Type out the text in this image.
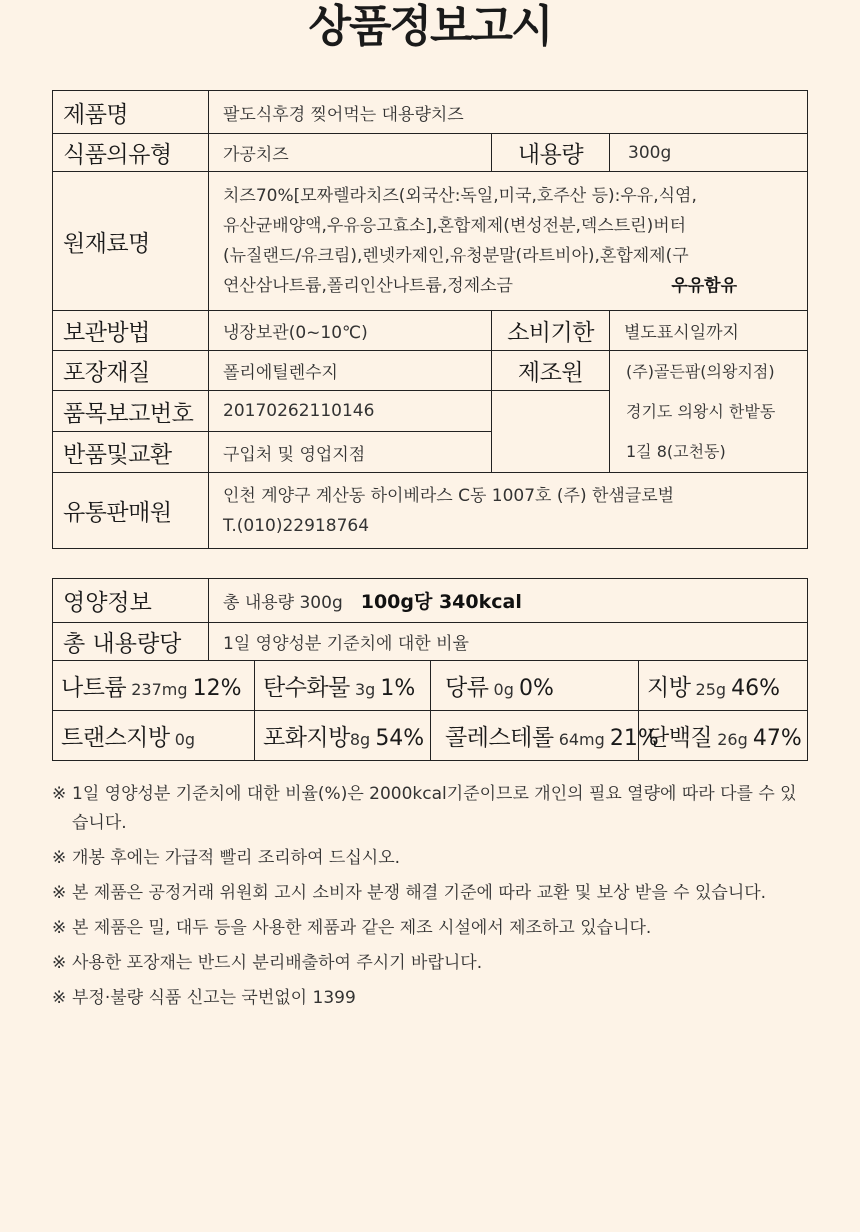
상품정보고시
제품명	팔도식후경 찢어먹는 대용량치즈		
식품의유형	가공치즈	내용량	300g
원재료명	치즈70%[모짜렐라치즈(외국산:독일,미국,호주산 등):우유,식염,
유산균배양액,우유응고효소],혼합제제(변성전분,덱스트린)버터
(뉴질랜드/유크림),렌넷카제인,유청분말(라트비아),혼합제제(구
연산삼나트륨,폴리인산나트륨,정제소금 우유함유		

보관방법	냉장보관(0~10℃)	소비기한	별도표시일까지
포장재질	폴리에틸렌수지	제조원	(주)골든팜(의왕지점)
경기도 의왕시 한밭동
1길 8(고천동)

품목보고번호	20170262110146		
반품및교환	구입처 및 영업지점		
유통판매원	인천 계양구 계산동 하이베라스 C동 1007호 (주) 한샘글로벌
T.(010)22918764		
영양정보	총 내용량 300g 100g당 340kcal			
총 내용량당	1일 영양성분 기준치에 대한 비율			
나트륨 237mg 12%		탄수화물 3g 1%	당류 0g 0%	지방 25g 46%
트랜스지방 0g		포화지방8g 54%	콜레스테롤 64mg 21%	단백질 26g 47%
※ 1일 영양성분 기준치에 대한 비율(%)은 2000kcal기준이므로 개인의 필요 열량에 따라 다를 수 있습니다.
※ 개봉 후에는 가급적 빨리 조리하여 드십시오.
※ 본 제품은 공정거래 위원회 고시 소비자 분쟁 해결 기준에 따라 교환 및 보상 받을 수 있습니다.
※ 본 제품은 밀, 대두 등을 사용한 제품과 같은 제조 시설에서 제조하고 있습니다.
※ 사용한 포장재는 반드시 분리배출하여 주시기 바랍니다.
※ 부정·불량 식품 신고는 국번없이 1399
